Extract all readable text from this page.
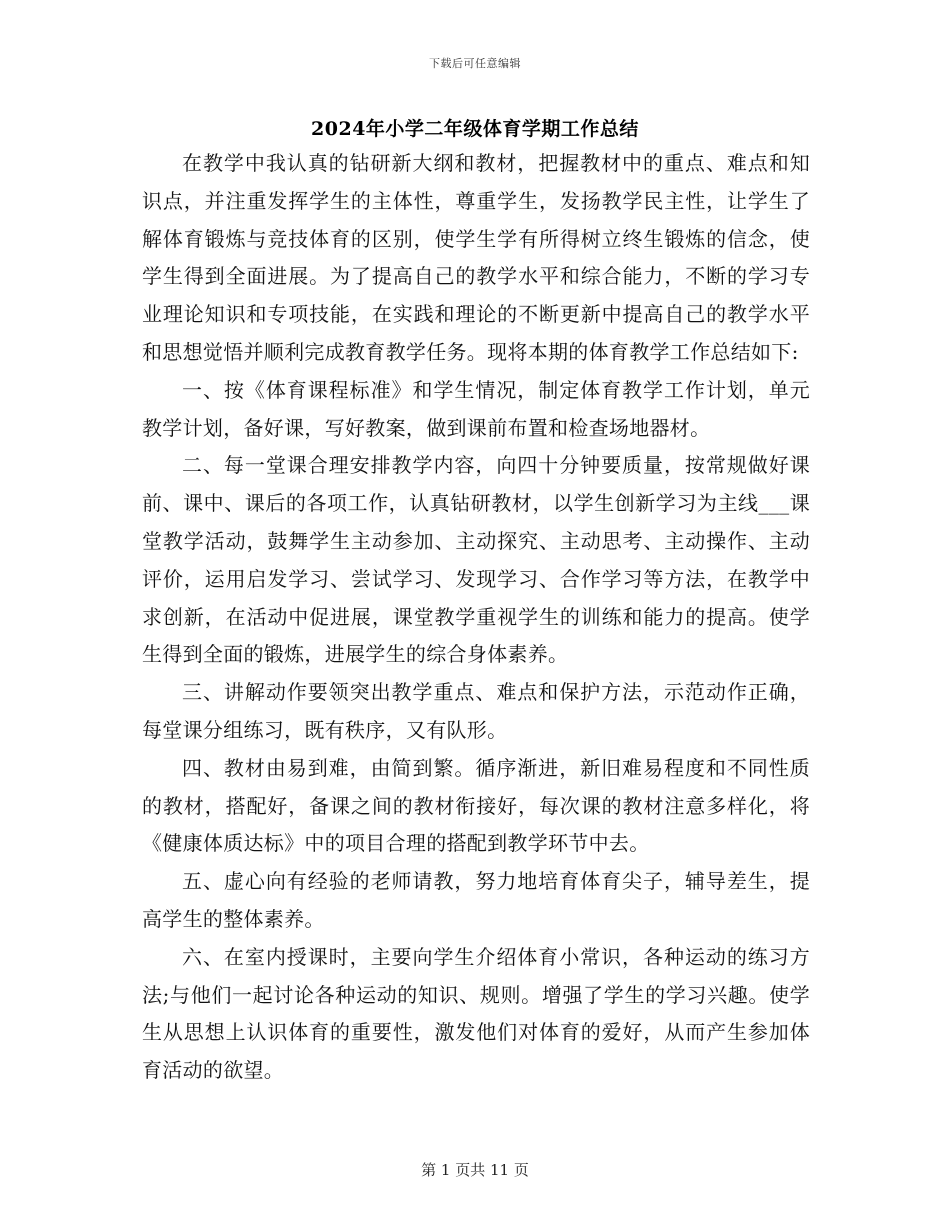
下载后可任意编辑
2024年小学二年级体育学期工作总结

在教学中我认真的钻研新大纲和教材，把握教材中的重点、难点和知识点，并注重发挥学生的主体性，尊重学生，发扬教学民主性，让学生了解体育锻炼与竞技体育的区别，使学生学有所得树立终生锻炼的信念，使学生得到全面进展。为了提高自己的教学水平和综合能力，不断的学习专业理论知识和专项技能，在实践和理论的不断更新中提高自己的教学水平和思想觉悟并顺利完成教育教学任务。现将本期的体育教学工作总结如下:

一、按《体育课程标准》和学生情况，制定体育教学工作计划，单元教学计划，备好课，写好教案，做到课前布置和检查场地器材。

二、每一堂课合理安排教学内容，向四十分钟要质量，按常规做好课前、课中、课后的各项工作，认真钻研教材，以学生创新学习为主线___课堂教学活动，鼓舞学生主动参加、主动探究、主动思考、主动操作、主动评价，运用启发学习、尝试学习、发现学习、合作学习等方法，在教学中求创新，在活动中促进展，课堂教学重视学生的训练和能力的提高。使学生得到全面的锻炼，进展学生的综合身体素养。

三、讲解动作要领突出教学重点、难点和保护方法，示范动作正确，每堂课分组练习，既有秩序，又有队形。

四、教材由易到难，由简到繁。循序渐进，新旧难易程度和不同性质的教材，搭配好，备课之间的教材衔接好，每次课的教材注意多样化，将《健康体质达标》中的项目合理的搭配到教学环节中去。

五、虚心向有经验的老师请教，努力地培育体育尖子，辅导差生，提高学生的整体素养。

六、在室内授课时，主要向学生介绍体育小常识，各种运动的练习方法;与他们一起讨论各种运动的知识、规则。增强了学生的学习兴趣。使学生从思想上认识体育的重要性，激发他们对体育的爱好，从而产生参加体育活动的欲望。

第 1 页共 11 页
